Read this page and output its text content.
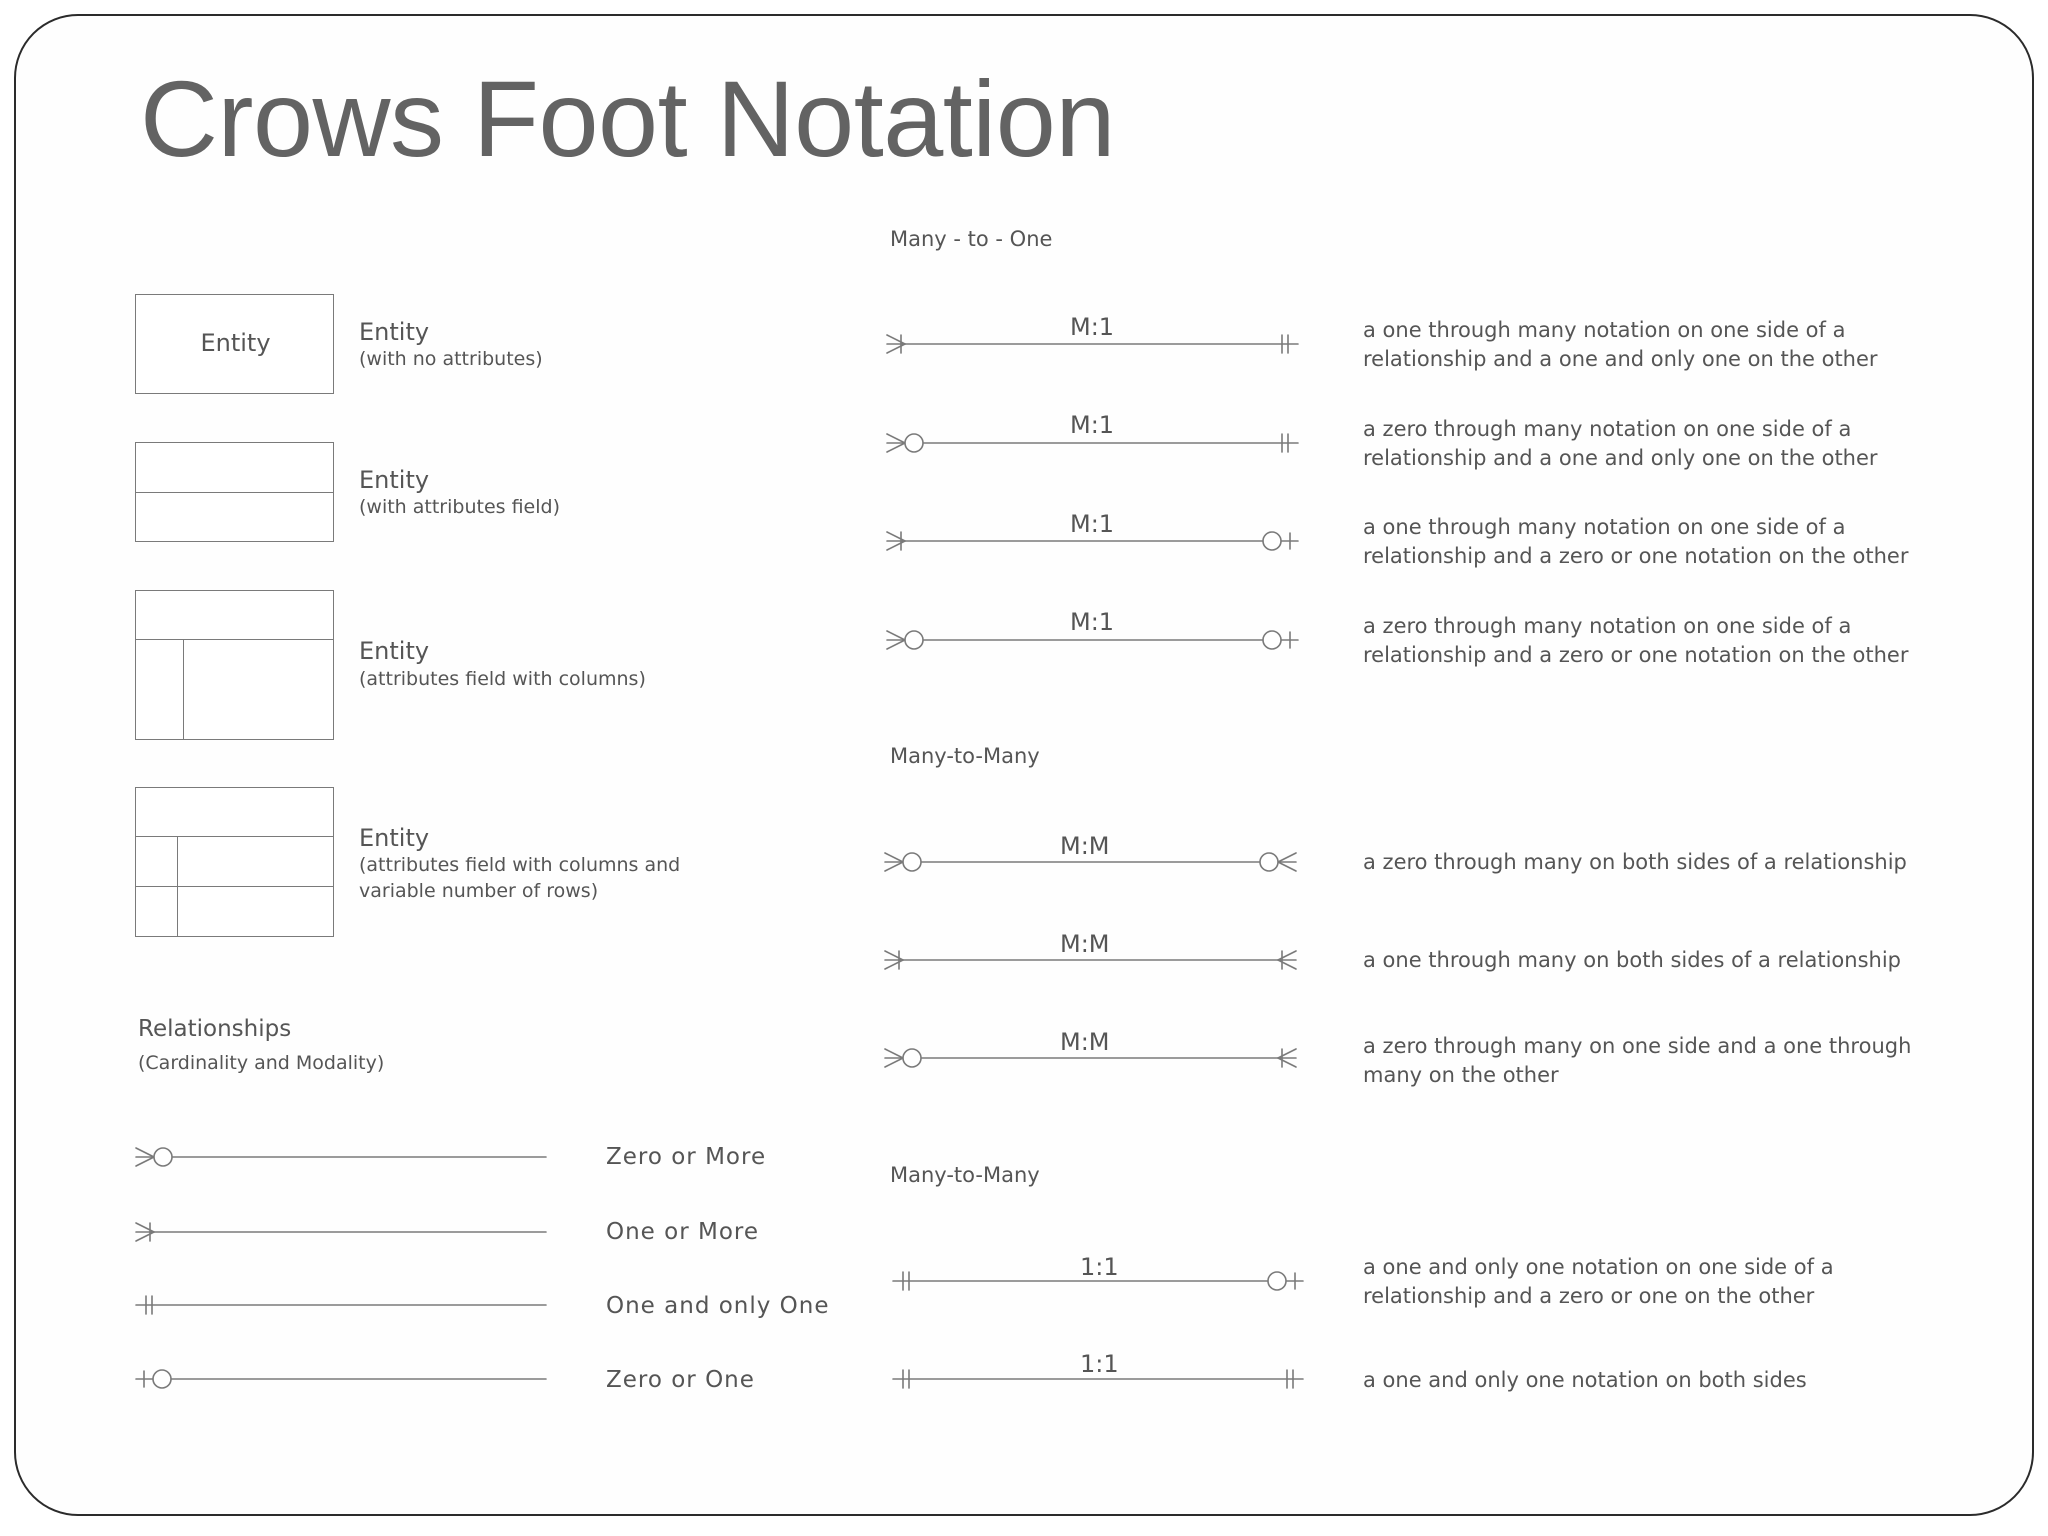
Crows Foot Notation
Entity	Entity
(with no attributes)
Entity
(with attributes field)
Entity
(attributes field with columns)
Entity
(attributes field with columns and
variable number of rows)
Relationships
(Cardinality and Modality)
Zero or More
One or More
One and only One
Zero or One
Many - to - One
Many-to-Many
Many-to-Many
M:1
M:1
M:1
M:1
M:M
M:M
M:M
1:1
1:1
a one through many notation on one side of a
relationship and a one and only one on the other
a zero through many notation on one side of a
relationship and a one and only one on the other
a one through many notation on one side of a
relationship and a zero or one notation on the other
a zero through many notation on one side of a
relationship and a zero or one notation on the other
a zero through many on both sides of a relationship
a one through many on both sides of a relationship
a zero through many on one side and a one through
many on the other
a one and only one notation on one side of a
relationship and a zero or one on the other
a one and only one notation on both sides
